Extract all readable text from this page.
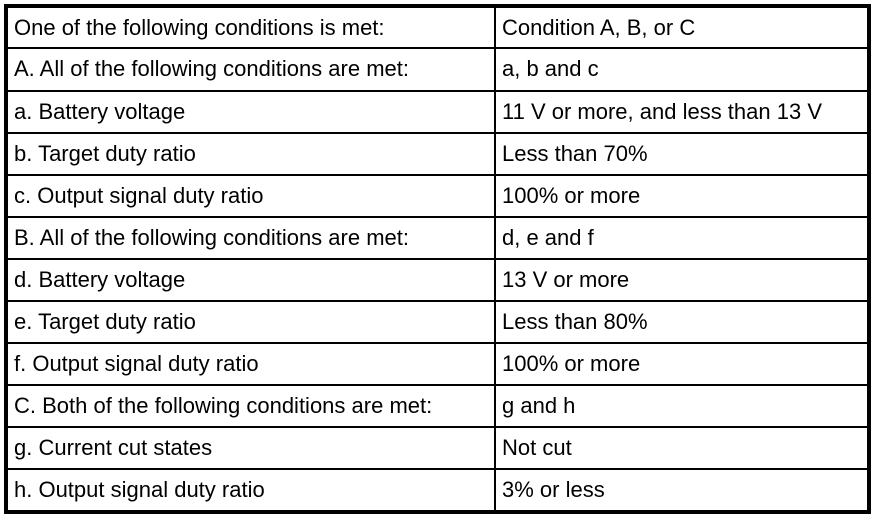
One of the following conditions is met:	Condition A, B, or C
A. All of the following conditions are met:	a, b and c
a. Battery voltage	11 V or more, and less than 13 V
b. Target duty ratio	Less than 70%
c. Output signal duty ratio	100% or more
B. All of the following conditions are met:	d, e and f
d. Battery voltage	13 V or more
e. Target duty ratio	Less than 80%
f. Output signal duty ratio	100% or more
C. Both of the following conditions are met:	g and h
g. Current cut states	Not cut
h. Output signal duty ratio	3% or less
